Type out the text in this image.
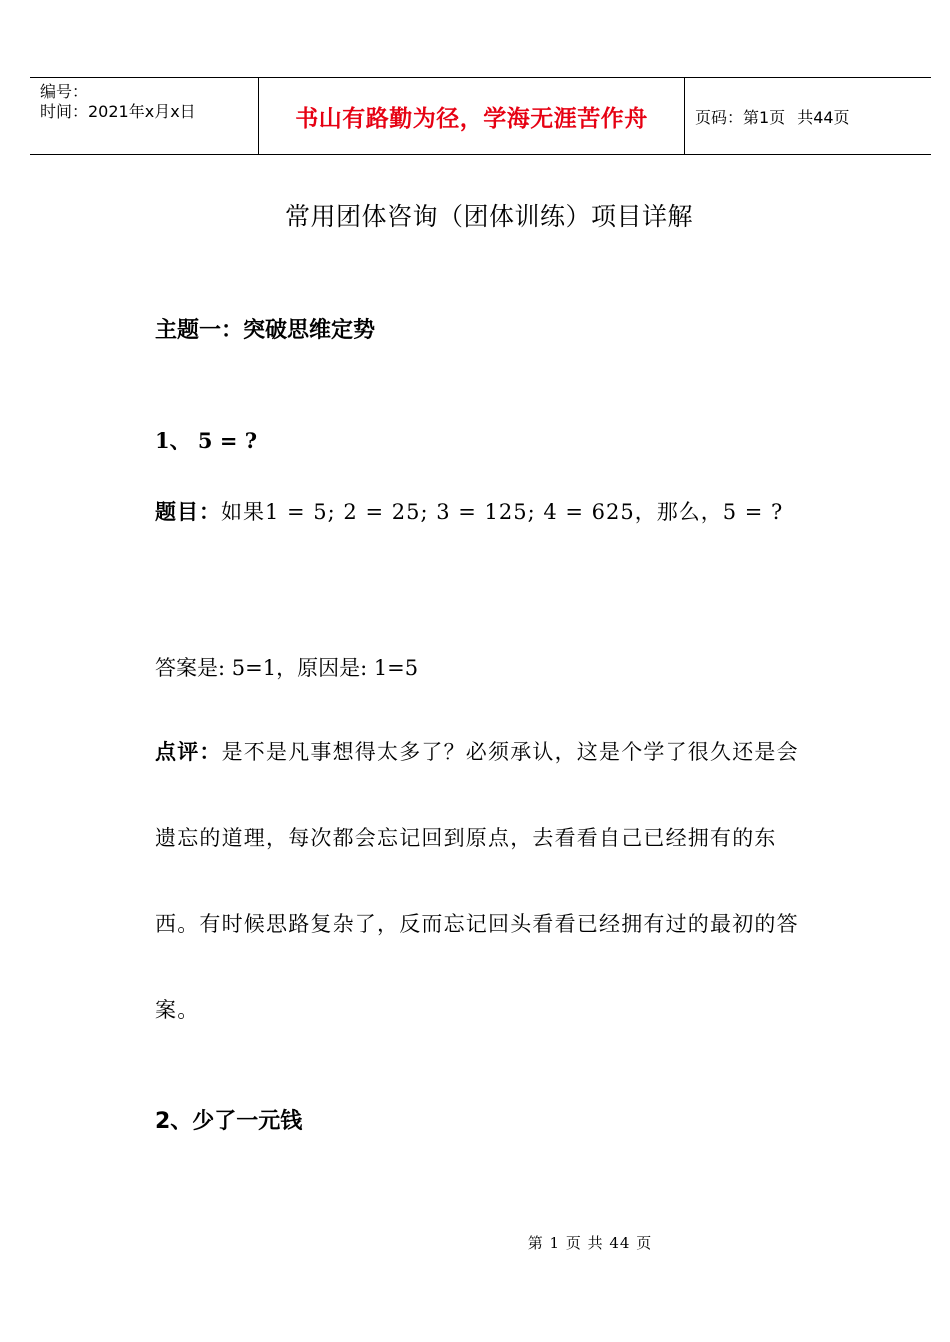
编号：
时间：2021年x月x日	书山有路勤为径，学海无涯苦作舟	页码：第1页 共44页
常用团体咨询（团体训练）项目详解
主题一：突破思维定势
1、 5 = ?
题目：如果1 = 5; 2 = 25; 3 = 125; 4 = 625，那么，5 = ?
答案是: 5=1，原因是: 1=5
点评：是不是凡事想得太多了？必须承认，这是个学了很久还是会遗忘的道理，每次都会忘记回到原点，去看看自己已经拥有的东西。有时候思路复杂了，反而忘记回头看看已经拥有过的最初的答案。
2、少了一元钱
第 1 页 共 44 页
